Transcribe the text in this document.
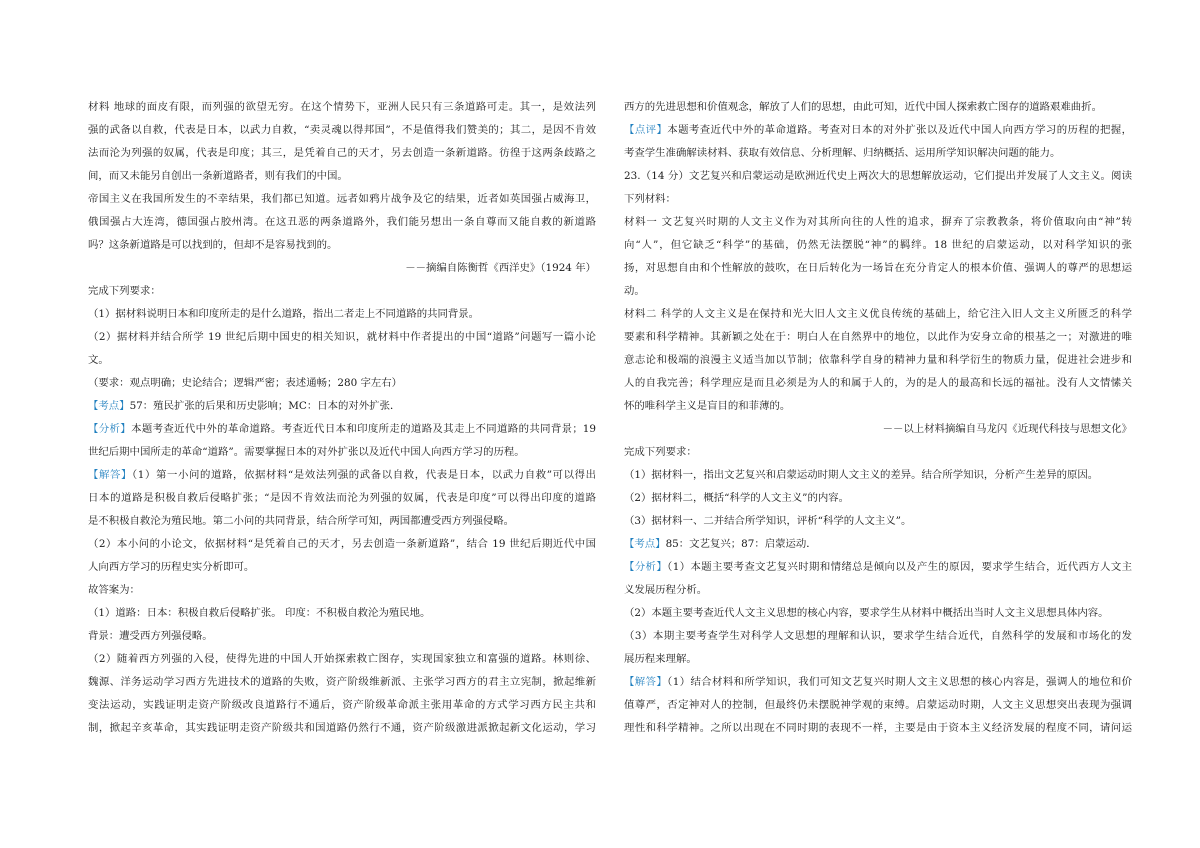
材料 地球的面皮有限，而列强的欲望无穷。在这个情势下，亚洲人民只有三条道路可走。其一，是效法列
强的武备以自救，代表是日本，以武力自救，“卖灵魂以得邦国”，不是值得我们赞美的；其二，是因不肯效
法而沦为列强的奴属，代表是印度；其三，是凭着自己的天才，另去创造一条新道路。彷徨于这两条歧路之
间，而又未能另自创出一条新道路者，则有我们的中国。
帝国主义在我国所发生的不幸结果，我们都已知道。远者如鸦片战争及它的结果，近者如英国强占威海卫，
俄国强占大连湾，德国强占胶州湾。在这丑恶的两条道路外，我们能另想出一条自尊而又能自救的新道路
吗？这条新道路是可以找到的，但却不是容易找到的。
－－摘编自陈衡哲《西洋史》（1924 年）
完成下列要求：
（1）据材料说明日本和印度所走的是什么道路，指出二者走上不同道路的共同背景。
（2）据材料并结合所学 19 世纪后期中国史的相关知识，就材料中作者提出的中国“道路”问题写一篇小论
文。
（要求：观点明确；史论结合；逻辑严密；表述通畅；280 字左右）
【考点】57：殖民扩张的后果和历史影响；MC：日本的对外扩张．
【分析】本题考查近代中外的革命道路。考查近代日本和印度所走的道路及其走上不同道路的共同背景；19
世纪后期中国所走的革命“道路”。需要掌握日本的对外扩张以及近代中国人向西方学习的历程。
【解答】（1）第一小问的道路，依据材料“是效法列强的武备以自救，代表是日本，以武力自救”可以得出
日本的道路是积极自救后侵略扩张；“是因不肯效法而沦为列强的奴属，代表是印度”可以得出印度的道路
是不积极自救沦为殖民地。第二小问的共同背景，结合所学可知，两国都遭受西方列强侵略。
（2）本小问的小论文，依据材料“是凭着自己的天才，另去创造一条新道路”，结合 19 世纪后期近代中国
人向西方学习的历程史实分析即可。
故答案为：
（1）道路：日本：积极自救后侵略扩张。 印度：不积极自救沦为殖民地。
背景：遭受西方列强侵略。
（2）随着西方列强的入侵，使得先进的中国人开始探索救亡图存，实现国家独立和富强的道路。林则徐、
魏源、洋务运动学习西方先进技术的道路的失败，资产阶级维新派、主张学习西方的君主立宪制，掀起维新
变法运动，实践证明走资产阶级改良道路行不通后，资产阶级革命派主张用革命的方式学习西方民主共和
制，掀起辛亥革命，其实践证明走资产阶级共和国道路仍然行不通，资产阶级激进派掀起新文化运动，学习
西方的先进思想和价值观念，解放了人们的思想，由此可知，近代中国人探索救亡图存的道路艰难曲折。
【点评】本题考查近代中外的革命道路。考查对日本的对外扩张以及近代中国人向西方学习的历程的把握，
考查学生准确解读材料、获取有效信息、分析理解、归纳概括、运用所学知识解决问题的能力。
23.（14 分）文艺复兴和启蒙运动是欧洲近代史上两次大的思想解放运动，它们提出并发展了人文主义。阅读
下列材料：
材料一 文艺复兴时期的人文主义作为对其所向往的人性的追求，摒弃了宗教教条，将价值取向由“神”转
向“人”，但它缺乏“科学”的基础，仍然无法摆脱“神”的羁绊。18 世纪的启蒙运动，以对科学知识的张
扬，对思想自由和个性解放的鼓吹，在日后转化为一场旨在充分肯定人的根本价值、强调人的尊严的思想运
动。
材料二 科学的人文主义是在保持和光大旧人文主义优良传统的基础上，给它注入旧人文主义所匮乏的科学
要素和科学精神。其新颖之处在于：明白人在自然界中的地位，以此作为安身立命的根基之一；对激进的唯
意志论和极端的浪漫主义适当加以节制；依靠科学自身的精神力量和科学衍生的物质力量，促进社会进步和
人的自我完善；科学理应是而且必须是为人的和属于人的，为的是人的最高和长远的福祉。没有人文情愫关
怀的唯科学主义是盲目的和菲薄的。
－－以上材料摘编自马龙闪《近现代科技与思想文化》
完成下列要求：
（1）据材料一，指出文艺复兴和启蒙运动时期人文主义的差异。结合所学知识，分析产生差异的原因。
（2）据材料二，概括“科学的人文主义”的内容。
（3）据材料一、二并结合所学知识，评析“科学的人文主义”。
【考点】85：文艺复兴；87：启蒙运动．
【分析】（1）本题主要考查文艺复兴时期和情绪总是倾向以及产生的原因，要求学生结合，近代西方人文主
义发展历程分析。
（2）本题主要考查近代人文主义思想的核心内容，要求学生从材料中概括出当时人文主义思想具体内容。
（3）本期主要考查学生对科学人文思想的理解和认识，要求学生结合近代，自然科学的发展和市场化的发
展历程来理解。
【解答】（1）结合材料和所学知识，我们可知文艺复兴时期人文主义思想的核心内容是，强调人的地位和价
值尊严，否定神对人的控制，但最终仍未摆脱神学观的束缚。启蒙运动时期，人文主义思想突出表现为强调
理性和科学精神。之所以出现在不同时期的表现不一样，主要是由于资本主义经济发展的程度不同，请问运
